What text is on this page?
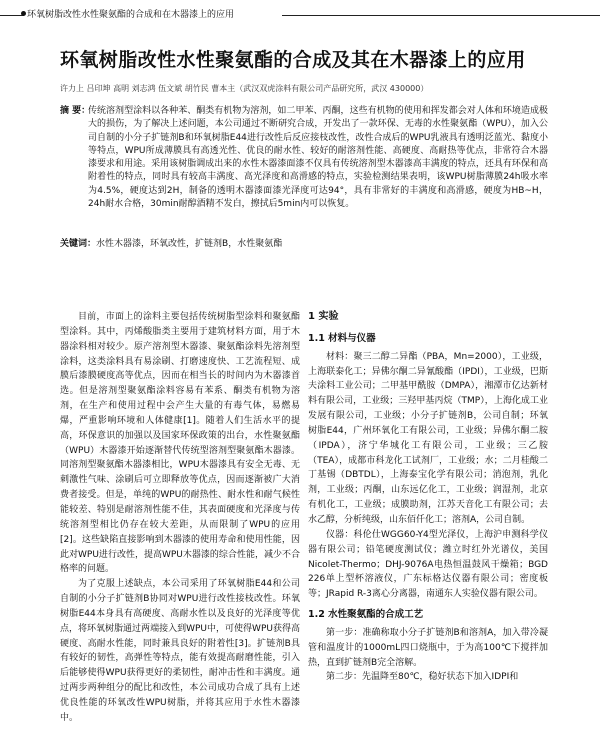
环氧树脂改性水性聚氨酯的合成和在木器漆上的应用
环氧树脂改性水性聚氨酯的合成及其在木器漆上的应用
许力上 吕印坤 高明 刘志鸿 伍文斌 胡竹民 曹本主（武汉双虎涂料有限公司产品研究所，武汉 430000）
摘 要：
传统溶剂型涂料以各种苯、酮类有机物为溶剂，如二甲苯、丙酮，这些有机物的使用和挥发都会对人体和环境造成极大的损伤，为了解决上述问题，本公司通过不断研究合成，开发出了一款环保、无毒的水性聚氨酯（WPU），加入公司自制的小分子扩链剂B和环氧树脂E44进行改性后反应接枝改性，改性合成后的WPU乳液具有透明泛蓝光、黏度小等特点，WPU所成薄膜具有高透光性、优良的耐水性、较好的耐溶剂性能、高硬度、高耐热等优点，非常符合木器漆要求和用途。采用该树脂调成出来的水性木器漆面漆不仅具有传统溶剂型木器漆高丰满度的特点，还具有环保和高附着性的特点，同时具有较高丰满度、高光泽度和高滑感的特点，实验检测结果表明，该WPU树脂薄膜24h吸水率为4.5%，硬度达到2H，制备的透明木器漆面漆光泽度可达94°，具有非常好的丰满度和高滑感，硬度为HB~H，24h耐水合格，30min耐醇酒精不发白，擦拭后5min内可以恢复。
关键词：水性木器漆，环氧改性，扩链剂B，水性聚氨酯

目前，市面上的涂料主要包括传统树脂型涂料和聚氨酯型涂料。其中，丙烯酸脂类主要用于建筑材料方面，用于木器涂料相对较少。原产溶剂型木器漆、聚氨酯涂料先溶剂型涂料，这类涂料具有易涂刷、打磨速度快、工艺流程短、成膜后漆膜硬度高等优点，因而在相当长的时间内为木器漆首选。但是溶剂型聚氨酯涂料容易有苯系、酮类有机物为溶剂，在生产和使用过程中会产生大量的有毒气体，易燃易爆，严重影响环境和人体健康[1]。随着人们生活水平的提高，环保意识的加强以及国家环保政策的出台，水性聚氨酯（WPU）木器漆开始逐渐替代传统型溶剂型聚氨酯木器漆。同溶剂型聚氨酯木器漆相比，WPU木器漆具有安全无毒、无刺激性气味、涂刷后可立即释放等优点，因而逐渐被广大消费者接受。但是，单纯的WPU的耐热性、耐水性和耐气候性能较差、特别是耐溶剂性能不佳，其表面硬度和光泽度与传统溶剂型相比仍存在较大差距，从而限制了WPU的应用[2]。这些缺陷直接影响到木器漆的使用寿命和使用性能，因此对WPU进行改性，提高WPU木器漆的综合性能，减少不合格率的问题。

为了克服上述缺点，本公司采用了环氧树脂E44和公司自制的小分子扩链剂B协同对WPU进行改性接枝改性。环氧树脂E44本身具有高硬度、高耐水性以及良好的光泽度等优点，将环氧树脂通过两端接入到WPU中，可使得WPU获得高硬度、高耐水性能，同时兼具良好的附着性[3]。扩链剂B具有较好的韧性，高弹性等特点，能有效提高耐磨性能，引入后能够使得WPU获得更好的柔韧性，耐冲击性和丰满度。通过两步两种组分的配比和改性，本公司成功合成了具有上述优良性能的环氧改性WPU树脂，并将其应用于水性木器漆中。

1 实验
1.1 材料与仪器

材料：聚三二醇二异酯（PBA，Mn=2000），工业级，上海联泰化工；异佛尔酮二异氰酸酯（IPDI），工业级，巴斯夫涂料工业公司；二甲基甲酰胺（DMPA），湘潭市亿达新材料有限公司，工业级；三羟甲基丙烷（TMP），上海化成工业发展有限公司，工业级；小分子扩链剂B，公司自制；环氧树脂E44，广州环氧化工有限公司，工业级；异佛尔酮二胺（IPDA），济宁华城化工有限公司，工业级；三乙胺（TEA），成都市科龙化工试剂厂，工业级；水；二月桂酸二丁基锡（DBTDL），上海泰宝化学有限公司；消泡剂，乳化剂，工业级；丙酮，山东远亿化工，工业级；润湿剂，北京有机化工，工业级；成膜助剂，江苏天音化工有限公司；去水乙醇，分析纯级，山东佰仟化工；溶剂A，公司自制。

仪器：科伦仕WGG60-Y4型光泽仪，上海沪申测科学仪器有限公司；铅笔硬度测试仪；潍立时红外光谱仪，美国Nicolet-Thermo；DHJ-9076A电热恒温鼓风干燥箱；BGD 226单上型杯溶液仪，广东标格达仪器有限公司；密度板等；JRapid R-3离心分离器，南通东人实验仪器有限公司。

1.2 水性聚氨酯的合成工艺

第一步：准确称取小分子扩链剂B和溶剂A，加入带冷凝管和温度计的1000mL四口烧瓶中，于为高100℃下搅拌加热，直到扩链剂B完全溶解。

第二步：先温降至80℃，稳好状态下加入IDPI和
